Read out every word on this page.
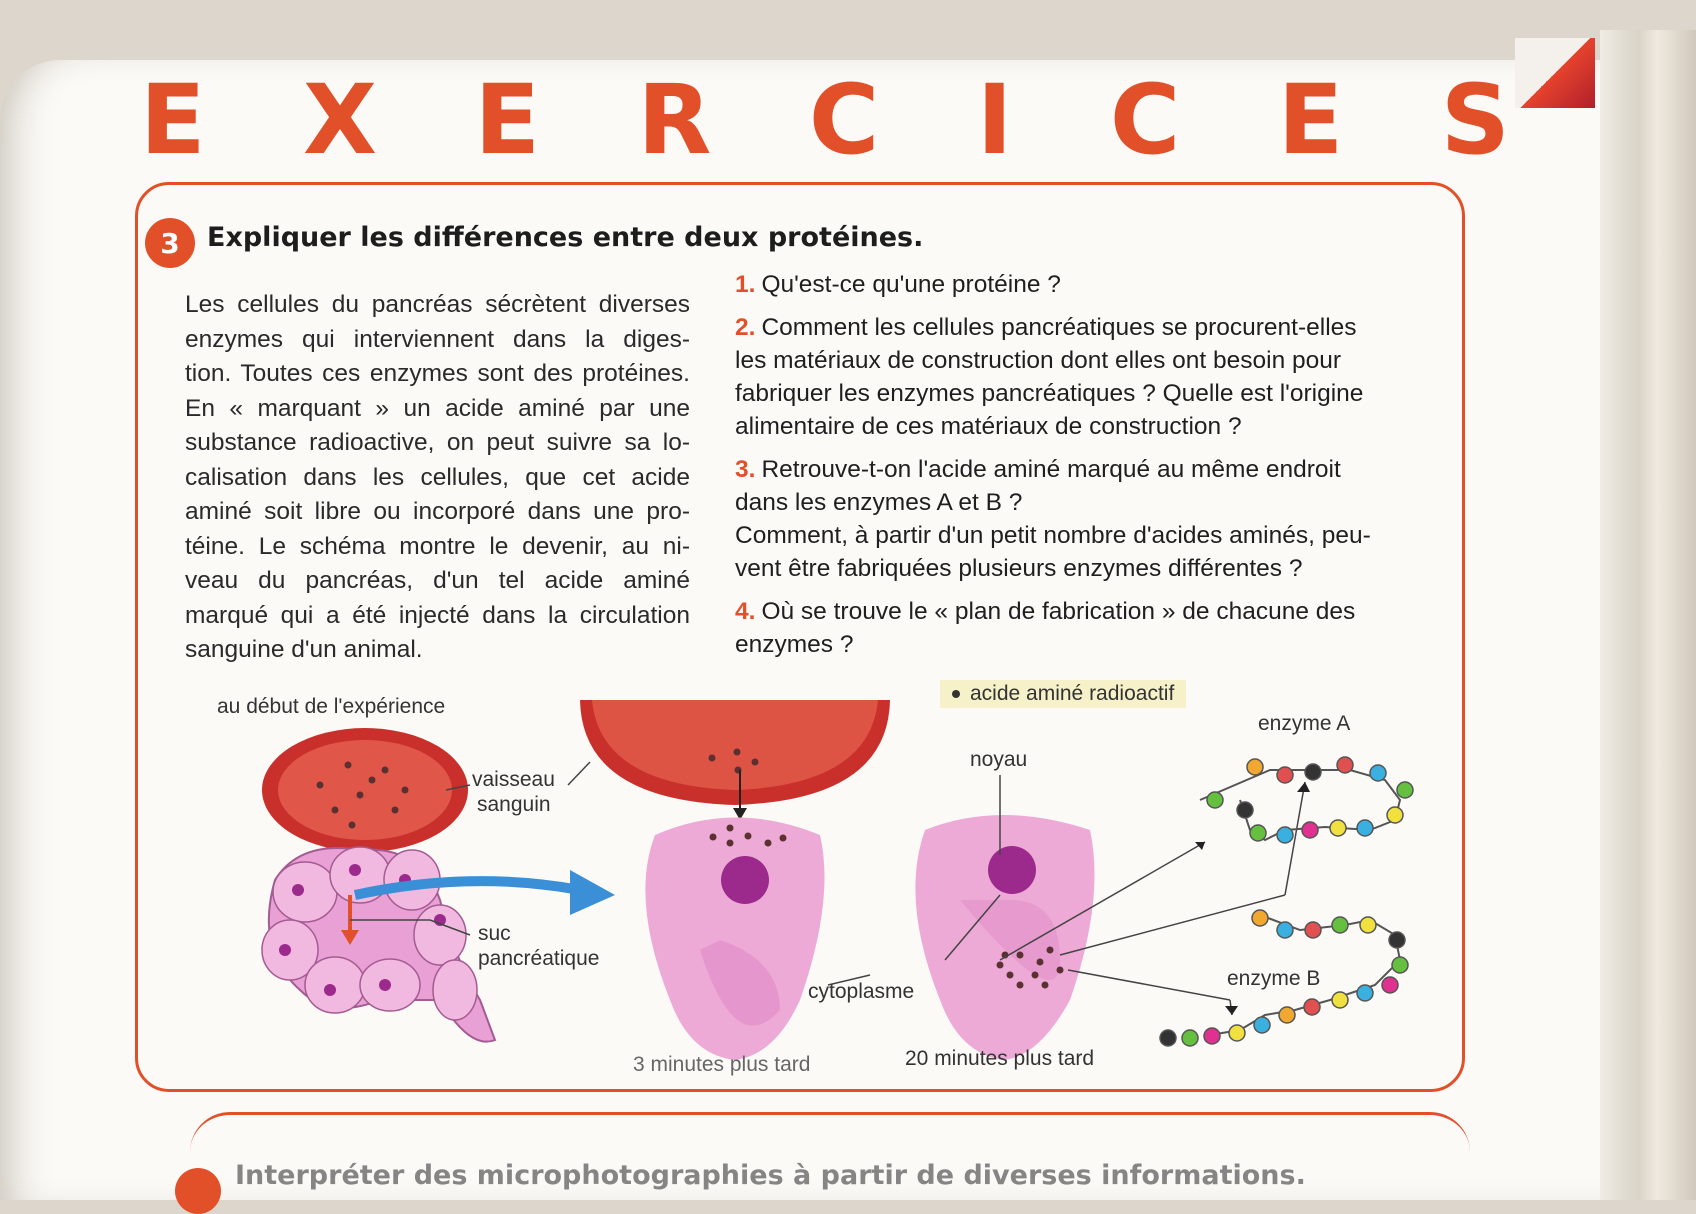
E X E R C I C E S
3	Expliquer les différences entre deux protéines.
Les cellules du pancréas sécrètent diverses
enzymes qui interviennent dans la diges-
tion. Toutes ces enzymes sont des protéines.
En « marquant » un acide aminé par une
substance radioactive, on peut suivre sa lo-
calisation dans les cellules, que cet acide
aminé soit libre ou incorporé dans une pro-
téine. Le schéma montre le devenir, au ni-
veau du pancréas, d'un tel acide aminé
marqué qui a été injecté dans la circulation
sanguine d'un animal.
1. Qu'est-ce qu'une protéine ?
2. Comment les cellules pancréatiques se procurent-elles
les matériaux de construction dont elles ont besoin pour
fabriquer les enzymes pancréatiques ? Quelle est l'origine
alimentaire de ces matériaux de construction ?
3. Retrouve-t-on l'acide aminé marqué au même endroit
dans les enzymes A et B ?
Comment, à partir d'un petit nombre d'acides aminés, peu-
vent être fabriquées plusieurs enzymes différentes ?
4. Où se trouve le « plan de fabrication » de chacune des
enzymes ?
au début de l'expérience
vaisseau
sanguin
suc
pancréatique
acide aminé radioactif
noyau
cytoplasme
enzyme A
enzyme B
3 minutes plus tard	20 minutes plus tard
Interpréter des microphotographies à partir de diverses informations.
